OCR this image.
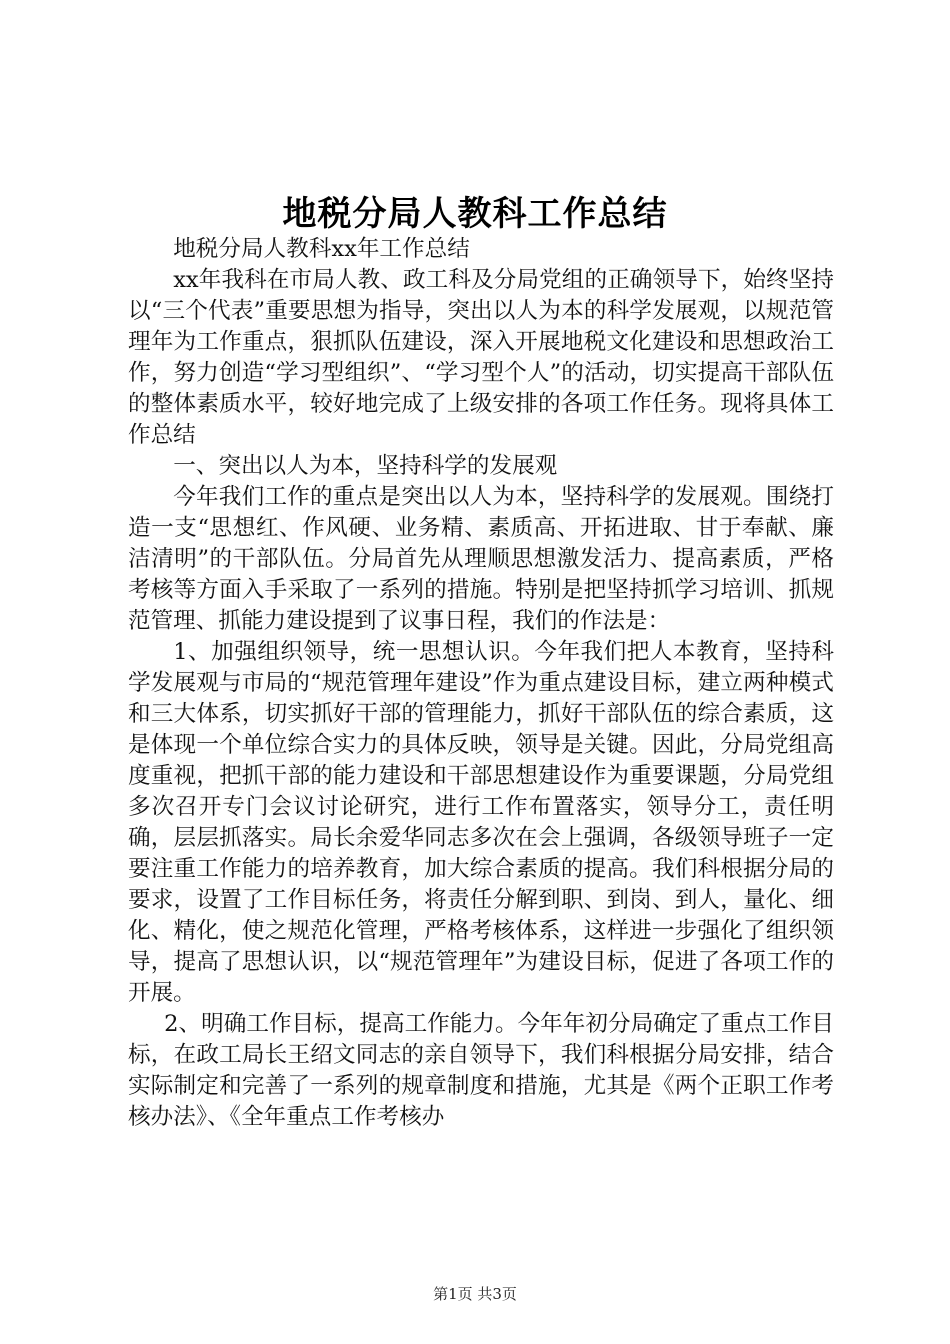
地税分局人教科工作总结

地税分局人教科xx年工作总结

xx年我科在市局人教、政工科及分局党组的正确领导下，始终坚持以“三个代表”重要思想为指导，突出以人为本的科学发展观，以规范管理年为工作重点，狠抓队伍建设，深入开展地税文化建设和思想政治工作，努力创造“学习型组织”、“学习型个人”的活动，切实提高干部队伍的整体素质水平，较好地完成了上级安排的各项工作任务。现将具体工作总结

一、突出以人为本，坚持科学的发展观

今年我们工作的重点是突出以人为本，坚持科学的发展观。围绕打造一支“思想红、作风硬、业务精、素质高、开拓进取、甘于奉献、廉洁清明”的干部队伍。分局首先从理顺思想激发活力、提高素质，严格考核等方面入手采取了一系列的措施。特别是把坚持抓学习培训、抓规范管理、抓能力建设提到了议事日程，我们的作法是：

1、加强组织领导，统一思想认识。今年我们把人本教育，坚持科学发展观与市局的“规范管理年建设”作为重点建设目标，建立两种模式和三大体系，切实抓好干部的管理能力，抓好干部队伍的综合素质，这是体现一个单位综合实力的具体反映，领导是关键。因此，分局党组高度重视，把抓干部的能力建设和干部思想建设作为重要课题，分局党组多次召开专门会议讨论研究，进行工作布置落实，领导分工，责任明确，层层抓落实。局长余爱华同志多次在会上强调，各级领导班子一定要注重工作能力的培养教育，加大综合素质的提高。我们科根据分局的要求，设置了工作目标任务，将责任分解到职、到岗、到人，量化、细化、精化，使之规范化管理，严格考核体系，这样进一步强化了组织领导，提高了思想认识，以“规范管理年”为建设目标，促进了各项工作的开展。

2、明确工作目标，提高工作能力。今年年初分局确定了重点工作目标，在政工局长王绍文同志的亲自领导下，我们科根据分局安排，结合实际制定和完善了一系列的规章制度和措施，尤其是《两个正职工作考核办法》、《全年重点工作考核办

第1页 共3页
